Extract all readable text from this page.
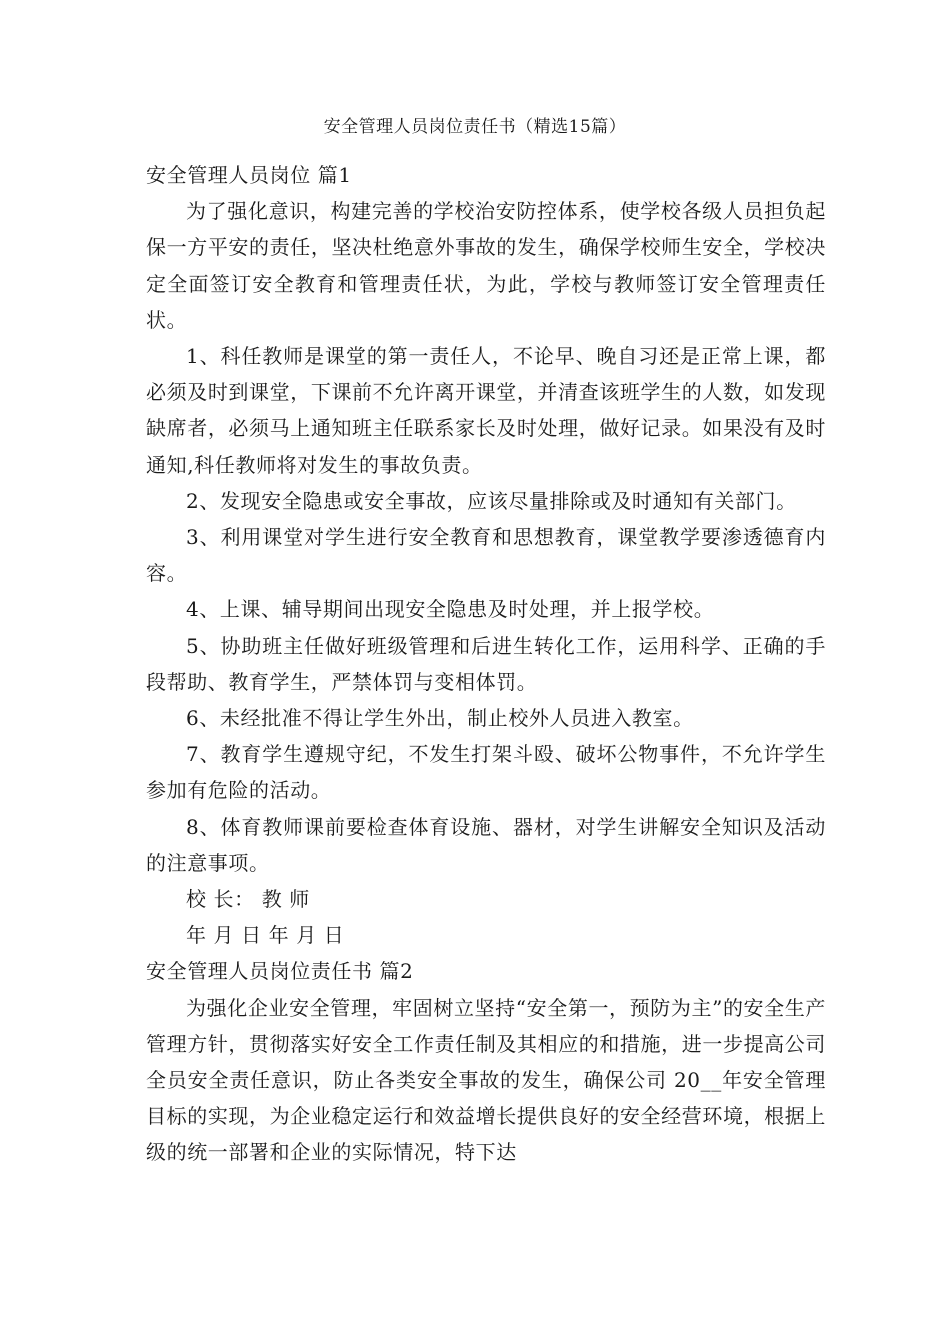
安全管理人员岗位责任书（精选15篇）

安全管理人员岗位 篇1

为了强化意识，构建完善的学校治安防控体系，使学校各级人员担负起保一方平安的责任，坚决杜绝意外事故的发生，确保学校师生安全，学校决定全面签订安全教育和管理责任状，为此，学校与教师签订安全管理责任状。

1、科任教师是课堂的第一责任人，不论早、晚自习还是正常上课，都必须及时到课堂，下课前不允许离开课堂，并清查该班学生的人数，如发现缺席者，必须马上通知班主任联系家长及时处理，做好记录。如果没有及时通知,科任教师将对发生的事故负责。

2、发现安全隐患或安全事故，应该尽量排除或及时通知有关部门。

3、利用课堂对学生进行安全教育和思想教育，课堂教学要渗透德育内容。

4、上课、辅导期间出现安全隐患及时处理，并上报学校。

5、协助班主任做好班级管理和后进生转化工作，运用科学、正确的手段帮助、教育学生，严禁体罚与变相体罚。

6、未经批准不得让学生外出，制止校外人员进入教室。

7、教育学生遵规守纪，不发生打架斗殴、破坏公物事件，不允许学生参加有危险的活动。

8、体育教师课前要检查体育设施、器材，对学生讲解安全知识及活动的注意事项。

校 长： 教 师

年 月 日 年 月 日

安全管理人员岗位责任书 篇2

为强化企业安全管理，牢固树立坚持“安全第一，预防为主”的安全生产管理方针，贯彻落实好安全工作责任制及其相应的和措施，进一步提高公司全员安全责任意识，防止各类安全事故的发生，确保公司 20__年安全管理目标的实现，为企业稳定运行和效益增长提供良好的安全经营环境，根据上级的统一部署和企业的实际情况，特下达
